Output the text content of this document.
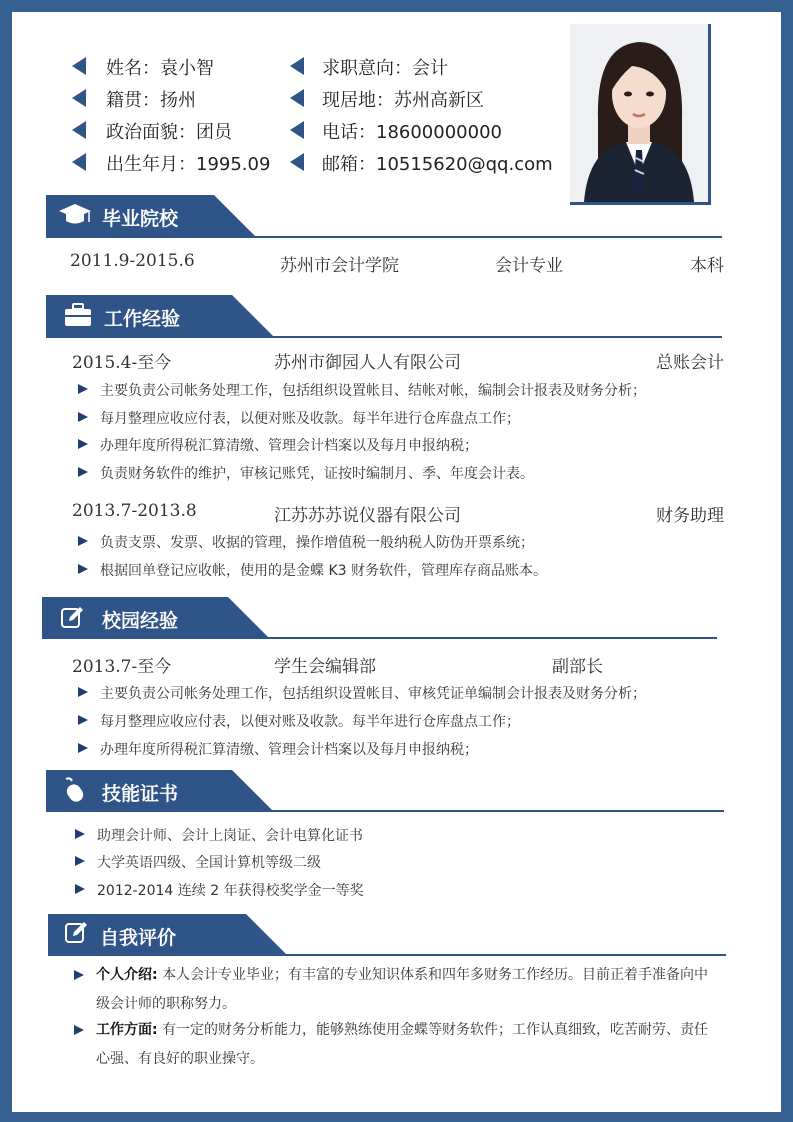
姓名：袁小智	求职意向：会计
籍贯：扬州	现居地：苏州高新区
政治面貌：团员	电话：18600000000
出生年月：1995.09	邮箱：10515620@qq.com
毕业院校
2011.9-2015.6	苏州市会计学院	会计专业	本科
工作经验
2015.4-至今	苏州市御园人人有限公司	总账会计
主要负责公司帐务处理工作，包括组织设置帐目、结帐对帐，编制会计报表及财务分析；
每月整理应收应付表，以便对账及收款。每半年进行仓库盘点工作；
办理年度所得税汇算清缴、管理会计档案以及每月申报纳税；
负责财务软件的维护，审核记账凭，证按时编制月、季、年度会计表。
2013.7-2013.8	江苏苏苏说仪器有限公司	财务助理
负责支票、发票、收据的管理，操作增值税一般纳税人防伪开票系统；
根据回单登记应收帐，使用的是金蝶 K3 财务软件，管理库存商品账本。
校园经验
2013.7-至今	学生会编辑部	副部长
主要负责公司帐务处理工作，包括组织设置帐目、审核凭证单编制会计报表及财务分析；
每月整理应收应付表，以便对账及收款。每半年进行仓库盘点工作；
办理年度所得税汇算清缴、管理会计档案以及每月申报纳税；
技能证书
助理会计师、会计上岗证、会计电算化证书
大学英语四级、全国计算机等级二级
2012-2014 连续 2 年获得校奖学金一等奖
自我评价
个人介绍: 本人会计专业毕业；有丰富的专业知识体系和四年多财务工作经历。目前正着手准备向中级会计师的职称努力。
工作方面: 有一定的财务分析能力，能够熟练使用金蝶等财务软件；工作认真细致，吃苦耐劳、责任心强、有良好的职业操守。
